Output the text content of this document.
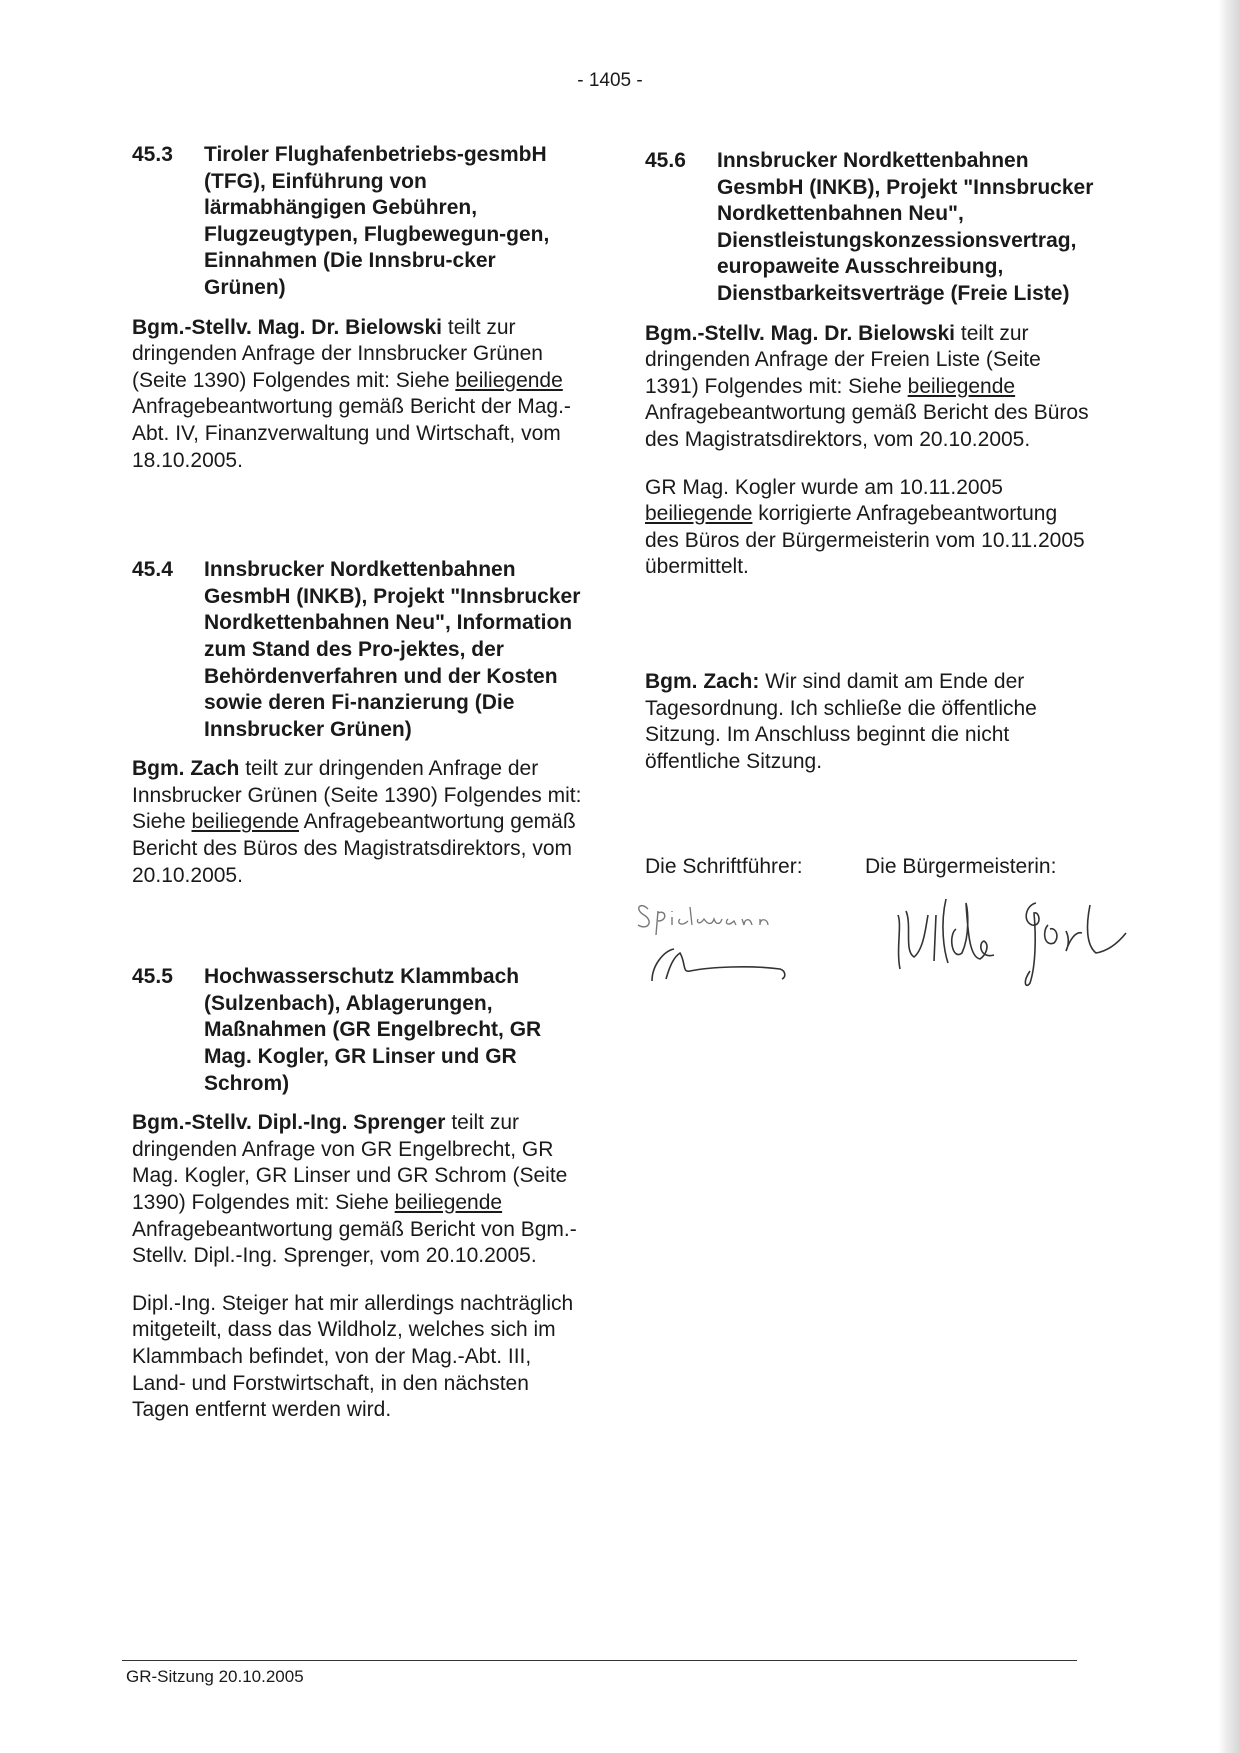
- 1405 -
45.3	Tiroler Flughafenbetriebs-gesmbH (TFG), Einführung von lärmabhängigen Gebühren, Flugzeugtypen, Flugbewegun-gen, Einnahmen (Die Innsbru-cker Grünen)

Bgm.-Stellv. Mag. Dr. Bielowski teilt zur dringenden Anfrage der Innsbrucker Grünen (Seite 1390) Folgendes mit: Siehe beiliegende Anfragebeantwortung gemäß Bericht der Mag.-Abt. IV, Finanzverwaltung und Wirtschaft, vom 18.10.2005.

45.4	Innsbrucker Nordkettenbahnen GesmbH (INKB), Projekt "Innsbrucker Nordkettenbahnen Neu", Information zum Stand des Pro-jektes, der Behördenverfahren und der Kosten sowie deren Fi-nanzierung (Die Innsbrucker Grünen)

Bgm. Zach teilt zur dringenden Anfrage der Innsbrucker Grünen (Seite 1390) Folgendes mit: Siehe beiliegende Anfragebeantwortung gemäß Bericht des Büros des Magistratsdirektors, vom 20.10.2005.

45.5	Hochwasserschutz Klammbach (Sulzenbach), Ablagerungen, Maßnahmen (GR Engelbrecht, GR Mag. Kogler, GR Linser und GR Schrom)

Bgm.-Stellv. Dipl.-Ing. Sprenger teilt zur dringenden Anfrage von GR Engelbrecht, GR Mag. Kogler, GR Linser und GR Schrom (Seite 1390) Folgendes mit: Siehe beiliegende Anfragebeantwortung gemäß Bericht von Bgm.-Stellv. Dipl.-Ing. Sprenger, vom 20.10.2005.

Dipl.-Ing. Steiger hat mir allerdings nachträglich mitgeteilt, dass das Wildholz, welches sich im Klammbach befindet, von der Mag.-Abt. III, Land- und Forstwirtschaft, in den nächsten Tagen entfernt werden wird.

45.6	Innsbrucker Nordkettenbahnen GesmbH (INKB), Projekt "Innsbrucker Nordkettenbahnen Neu", Dienstleistungskonzessionsvertrag, europaweite Ausschreibung, Dienstbarkeitsverträge (Freie Liste)

Bgm.-Stellv. Mag. Dr. Bielowski teilt zur dringenden Anfrage der Freien Liste (Seite 1391) Folgendes mit: Siehe beiliegende Anfragebeantwortung gemäß Bericht des Büros des Magistratsdirektors, vom 20.10.2005.

GR Mag. Kogler wurde am 10.11.2005 beiliegende korrigierte Anfragebeantwortung des Büros der Bürgermeisterin vom 10.11.2005 übermittelt.

Bgm. Zach: Wir sind damit am Ende der Tagesordnung. Ich schließe die öffentliche Sitzung. Im Anschluss beginnt die nicht öffentliche Sitzung.

Die Schriftführer:	Die Bürgermeisterin:
GR-Sitzung 20.10.2005
